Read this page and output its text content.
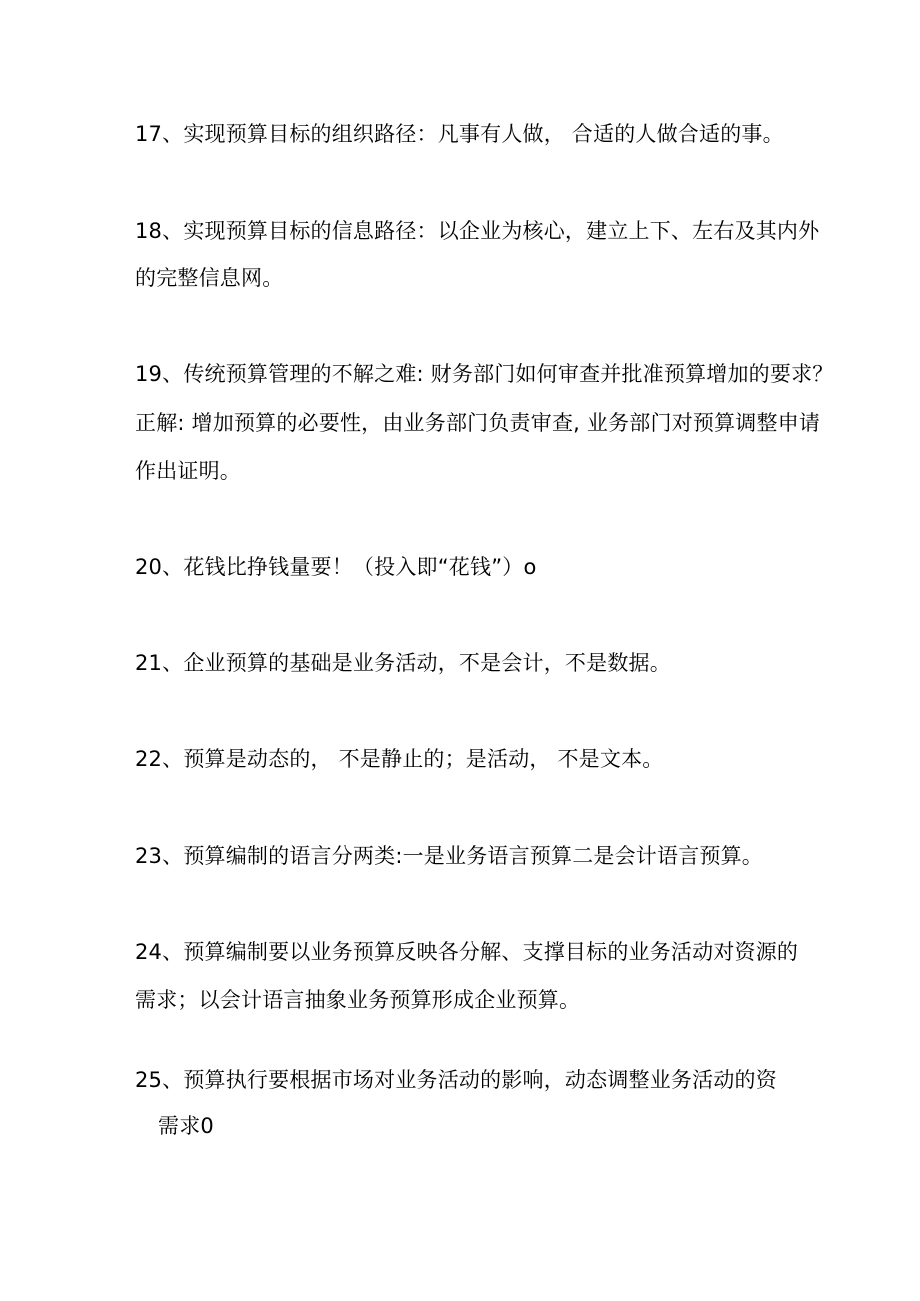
17、实现预算目标的组织路径：凡事有人做， 合适的人做合适的事。
18、实现预算目标的信息路径：以企业为核心，建立上下、左右及其内外
的完整信息网。
19、传统预算管理的不解之难: 财务部门如何审查并批准预算增加的要求？
正解: 增加预算的必要性，由业务部门负责审查, 业务部门对预算调整申请
作出证明。
20、花钱比挣钱量要！（投入即“花钱”）o
21、企业预算的基础是业务活动，不是会计，不是数据。
22、预算是动态的， 不是静止的；是活动， 不是文本。
23、预算编制的语言分两类:一是业务语言预算二是会计语言预算。
24、预算编制要以业务预算反映各分解、支撑目标的业务活动对资源的
需求；以会计语言抽象业务预算形成企业预算。
25、预算执行要根据市场对业务活动的影响，动态调整业务活动的资
需求0
